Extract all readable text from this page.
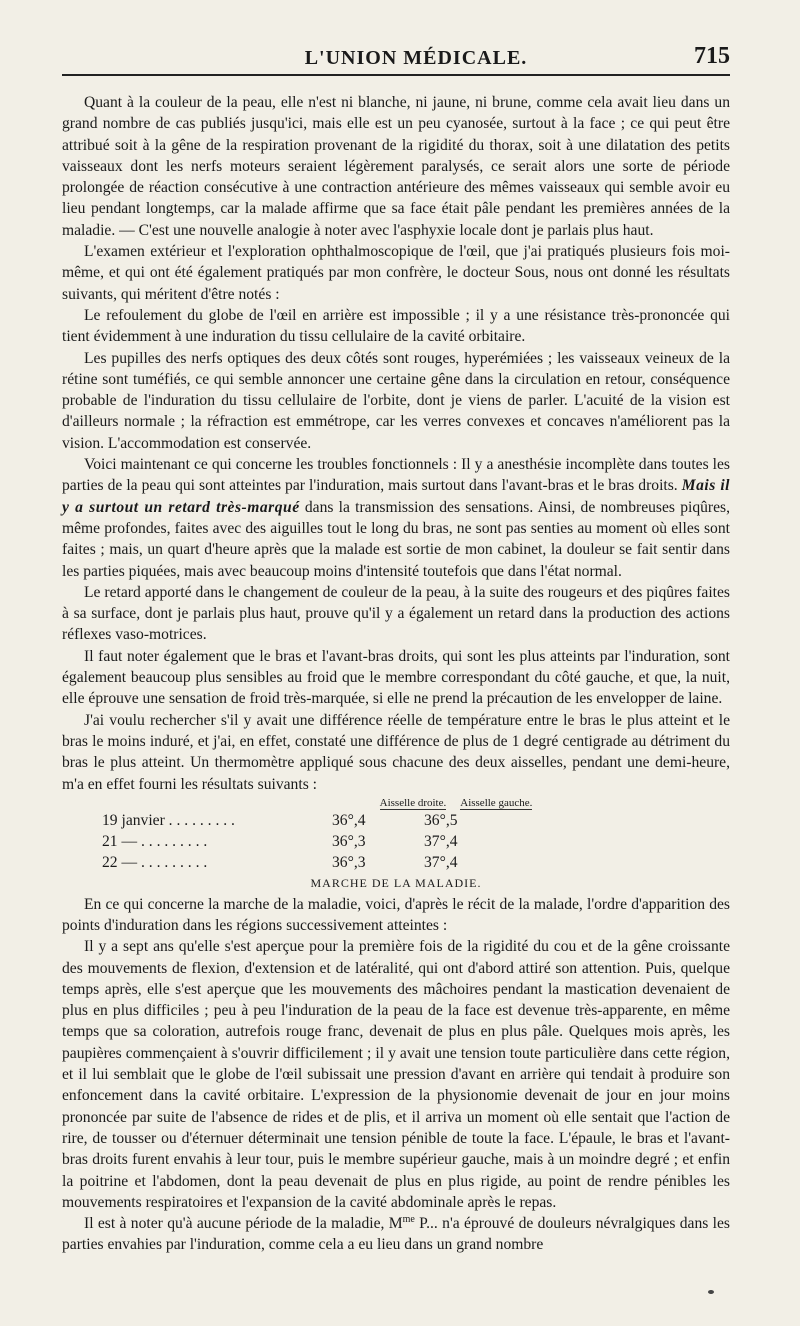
L'UNION MÉDICALE.	715

Quant à la couleur de la peau, elle n'est ni blanche, ni jaune, ni brune, comme cela avait lieu dans un grand nombre de cas publiés jusqu'ici, mais elle est un peu cyanosée, surtout à la face ; ce qui peut être attribué soit à la gêne de la respiration provenant de la rigidité du thorax, soit à une dilatation des petits vaisseaux dont les nerfs moteurs seraient légèrement paralysés, ce serait alors une sorte de période prolongée de réaction consécutive à une contraction antérieure des mêmes vaisseaux qui semble avoir eu lieu pendant longtemps, car la malade affirme que sa face était pâle pendant les premières années de la maladie. — C'est une nouvelle analogie à noter avec l'asphyxie locale dont je parlais plus haut.

L'examen extérieur et l'exploration ophthalmoscopique de l'œil, que j'ai pratiqués plusieurs fois moi-même, et qui ont été également pratiqués par mon confrère, le docteur Sous, nous ont donné les résultats suivants, qui méritent d'être notés :

Le refoulement du globe de l'œil en arrière est impossible ; il y a une résistance très-prononcée qui tient évidemment à une induration du tissu cellulaire de la cavité orbitaire.

Les pupilles des nerfs optiques des deux côtés sont rouges, hyperémiées ; les vaisseaux veineux de la rétine sont tuméfiés, ce qui semble annoncer une certaine gêne dans la circulation en retour, conséquence probable de l'induration du tissu cellulaire de l'orbite, dont je viens de parler. L'acuité de la vision est d'ailleurs normale ; la réfraction est emmétrope, car les verres convexes et concaves n'améliorent pas la vision. L'accommodation est conservée.

Voici maintenant ce qui concerne les troubles fonctionnels : Il y a anesthésie incomplète dans toutes les parties de la peau qui sont atteintes par l'induration, mais surtout dans l'avant-bras et le bras droits. Mais il y a surtout un retard très-marqué dans la transmission des sensations. Ainsi, de nombreuses piqûres, même profondes, faites avec des aiguilles tout le long du bras, ne sont pas senties au moment où elles sont faites ; mais, un quart d'heure après que la malade est sortie de mon cabinet, la douleur se fait sentir dans les parties piquées, mais avec beaucoup moins d'intensité toutefois que dans l'état normal.

Le retard apporté dans le changement de couleur de la peau, à la suite des rougeurs et des piqûres faites à sa surface, dont je parlais plus haut, prouve qu'il y a également un retard dans la production des actions réflexes vaso-motrices.

Il faut noter également que le bras et l'avant-bras droits, qui sont les plus atteints par l'induration, sont également beaucoup plus sensibles au froid que le membre correspondant du côté gauche, et que, la nuit, elle éprouve une sensation de froid très-marquée, si elle ne prend la précaution de les envelopper de laine.

J'ai voulu rechercher s'il y avait une différence réelle de température entre le bras le plus atteint et le bras le moins induré, et j'ai, en effet, constaté une différence de plus de 1 degré centigrade au détriment du bras le plus atteint. Un thermomètre appliqué sous chacune des deux aisselles, pendant une demi-heure, m'a en effet fourni les résultats suivants :

Aisselle droite. Aisselle gauche.
19 janvier . . . . . . . . .	36°,4	36°,5
21 — . . . . . . . . .	36°,3	37°,4
22 — . . . . . . . . .	36°,3	37°,4
MARCHE DE LA MALADIE.

En ce qui concerne la marche de la maladie, voici, d'après le récit de la malade, l'ordre d'apparition des points d'induration dans les régions successivement atteintes :

Il y a sept ans qu'elle s'est aperçue pour la première fois de la rigidité du cou et de la gêne croissante des mouvements de flexion, d'extension et de latéralité, qui ont d'abord attiré son attention. Puis, quelque temps après, elle s'est aperçue que les mouvements des mâchoires pendant la mastication devenaient de plus en plus difficiles ; peu à peu l'induration de la peau de la face est devenue très-apparente, en même temps que sa coloration, autrefois rouge franc, devenait de plus en plus pâle. Quelques mois après, les paupières commençaient à s'ouvrir difficilement ; il y avait une tension toute particulière dans cette région, et il lui semblait que le globe de l'œil subissait une pression d'avant en arrière qui tendait à produire son enfoncement dans la cavité orbitaire. L'expression de la physionomie devenait de jour en jour moins prononcée par suite de l'absence de rides et de plis, et il arriva un moment où elle sentait que l'action de rire, de tousser ou d'éternuer déterminait une tension pénible de toute la face. L'épaule, le bras et l'avant-bras droits furent envahis à leur tour, puis le membre supérieur gauche, mais à un moindre degré ; et enfin la poitrine et l'abdomen, dont la peau devenait de plus en plus rigide, au point de rendre pénibles les mouvements respiratoires et l'expansion de la cavité abdominale après le repas.

Il est à noter qu'à aucune période de la maladie, $M^{me}$ P... n'a éprouvé de douleurs névralgiques dans les parties envahies par l'induration, comme cela a eu lieu dans un grand nombre
